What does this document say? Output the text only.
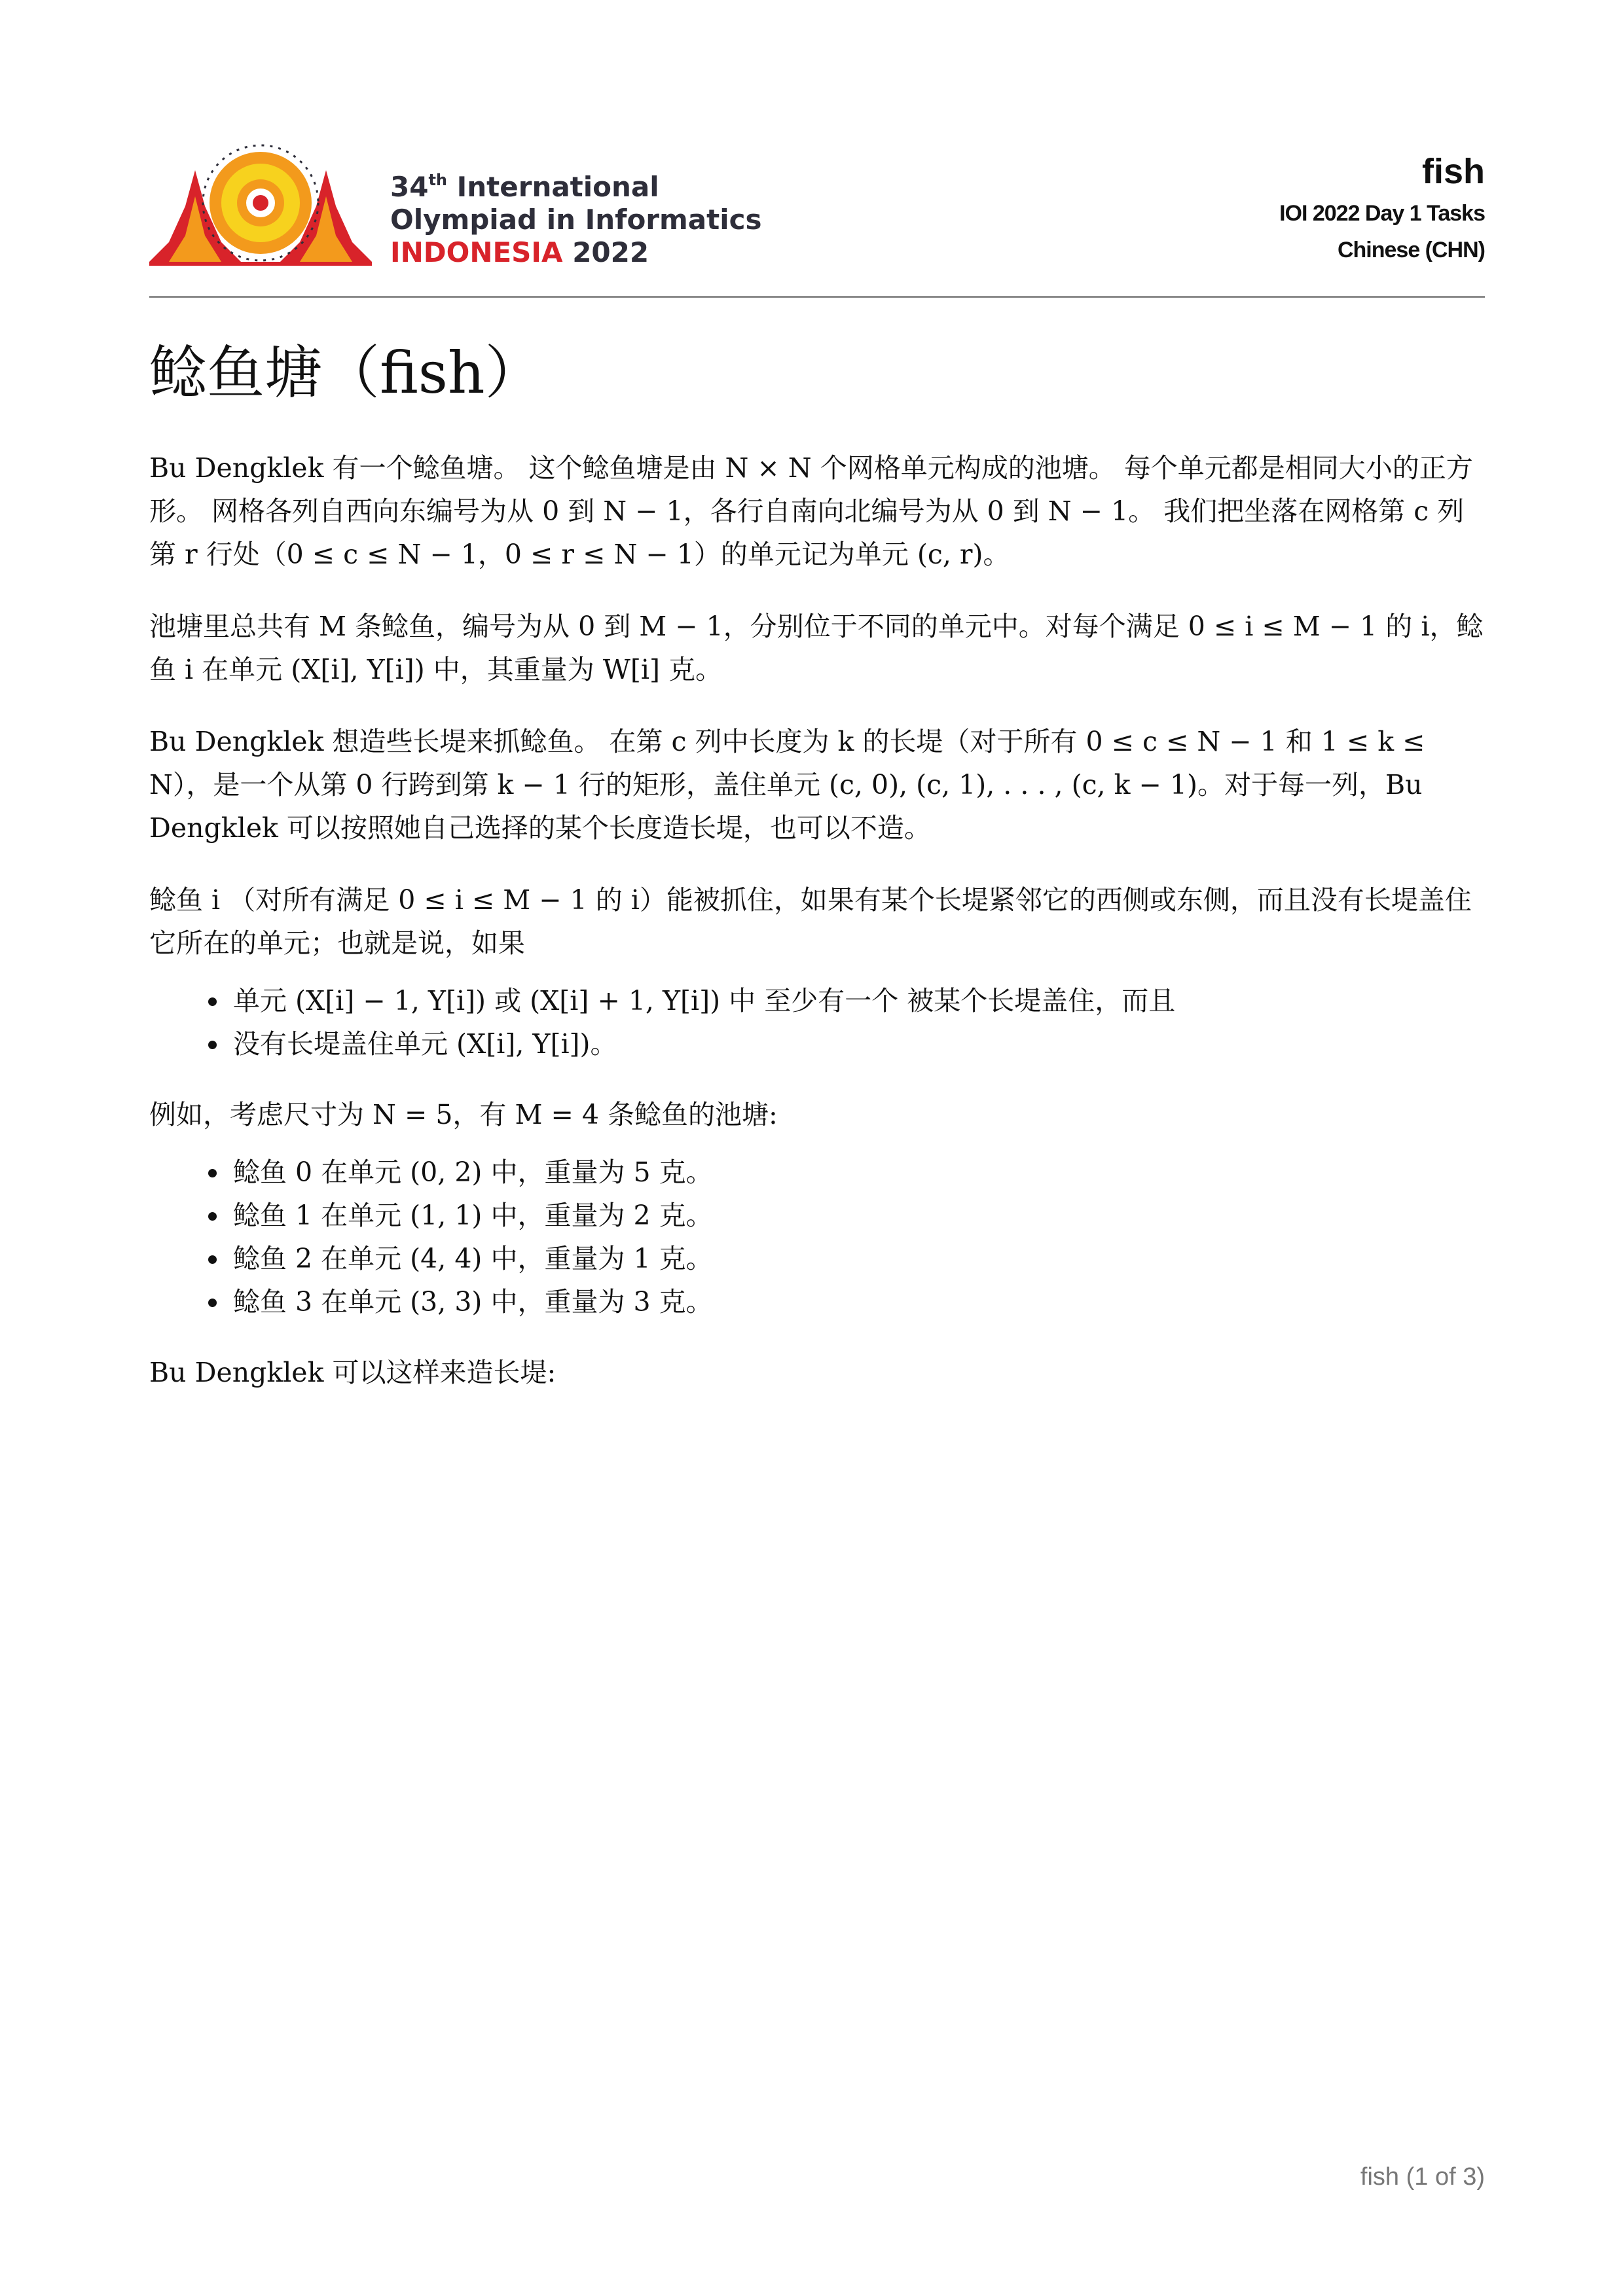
34th International
Olympiad in Informatics
INDONESIA 2022
fish
IOI 2022 Day 1 Tasks
Chinese (CHN)
鲶鱼塘（fish）

Bu Dengklek 有一个鲶鱼塘。 这个鲶鱼塘是由 N × N 个网格单元构成的池塘。 每个单元都是相同大小的正方形。 网格各列自西向东编号为从 0 到 N − 1，各行自南向北编号为从 0 到 N − 1。 我们把坐落在网格第 c 列第 r 行处（0 ≤ c ≤ N − 1，0 ≤ r ≤ N − 1）的单元记为单元 (c, r)。

池塘里总共有 M 条鲶鱼，编号为从 0 到 M − 1，分别位于不同的单元中。对每个满足 0 ≤ i ≤ M − 1 的 i，鲶鱼 i 在单元 (X[i], Y[i]) 中，其重量为 W[i] 克。

Bu Dengklek 想造些长堤来抓鲶鱼。 在第 c 列中长度为 k 的长堤（对于所有 0 ≤ c ≤ N − 1 和 1 ≤ k ≤ N），是一个从第 0 行跨到第 k − 1 行的矩形，盖住单元 (c, 0), (c, 1), . . . , (c, k − 1)。对于每一列，Bu Dengklek 可以按照她自己选择的某个长度造长堤，也可以不造。

鲶鱼 i （对所有满足 0 ≤ i ≤ M − 1 的 i）能被抓住，如果有某个长堤紧邻它的西侧或东侧，而且没有长堤盖住它所在的单元；也就是说，如果

• 单元 (X[i] − 1, Y[i]) 或 (X[i] + 1, Y[i]) 中 至少有一个 被某个长堤盖住，而且
• 没有长堤盖住单元 (X[i], Y[i])。

例如，考虑尺寸为 N = 5，有 M = 4 条鲶鱼的池塘:

• 鲶鱼 0 在单元 (0, 2) 中，重量为 5 克。
• 鲶鱼 1 在单元 (1, 1) 中，重量为 2 克。
• 鲶鱼 2 在单元 (4, 4) 中，重量为 1 克。
• 鲶鱼 3 在单元 (3, 3) 中，重量为 3 克。

Bu Dengklek 可以这样来造长堤:

fish (1 of 3)
